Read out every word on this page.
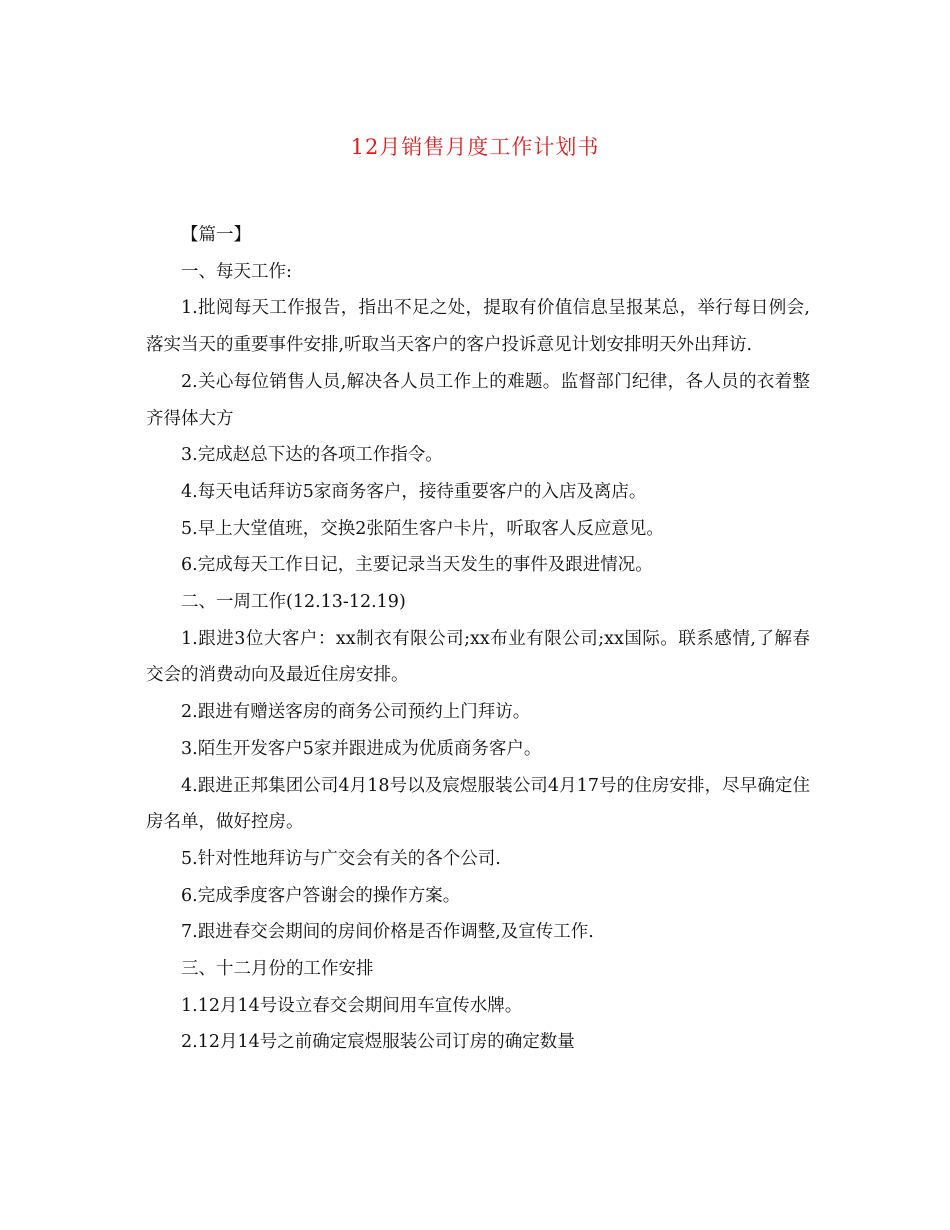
12月销售月度工作计划书

【篇一】

一、每天工作:

1.批阅每天工作报告，指出不足之处，提取有价值信息呈报某总，举行每日例会,落实当天的重要事件安排,听取当天客户的客户投诉意见计划安排明天外出拜访.

2.关心每位销售人员,解决各人员工作上的难题。监督部门纪律，各人员的衣着整齐得体大方

3.完成赵总下达的各项工作指令。

4.每天电话拜访5家商务客户，接待重要客户的入店及离店。

5.早上大堂值班，交换2张陌生客户卡片，听取客人反应意见。

6.完成每天工作日记，主要记录当天发生的事件及跟进情况。

二、一周工作(12.13-12.19)

1.跟进3位大客户：xx制衣有限公司;xx布业有限公司;xx国际。联系感情,了解春交会的消费动向及最近住房安排。

2.跟进有赠送客房的商务公司预约上门拜访。

3.陌生开发客户5家并跟进成为优质商务客户。

4.跟进正邦集团公司4月18号以及宸煜服装公司4月17号的住房安排，尽早确定住房名单，做好控房。

5.针对性地拜访与广交会有关的各个公司.

6.完成季度客户答谢会的操作方案。

7.跟进春交会期间的房间价格是否作调整,及宣传工作.

三、十二月份的工作安排

1.12月14号设立春交会期间用车宣传水牌。

2.12月14号之前确定宸煜服装公司订房的确定数量
